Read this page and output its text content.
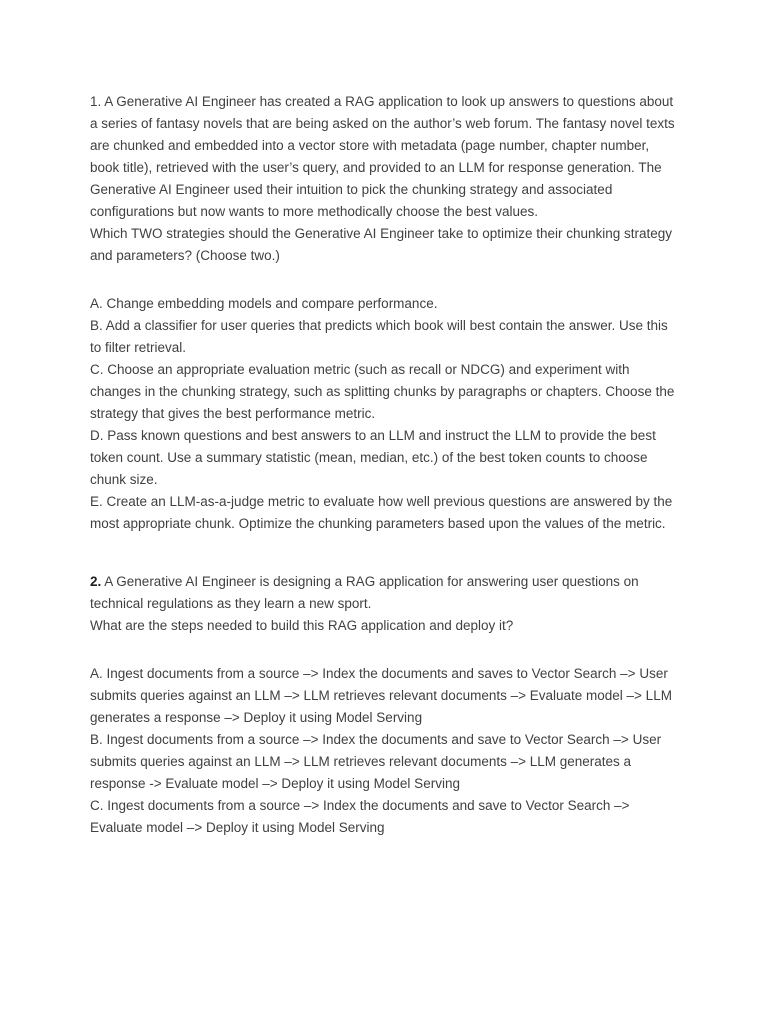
1. A Generative AI Engineer has created a RAG application to look up answers to questions about a series of fantasy novels that are being asked on the author’s web forum. The fantasy novel texts are chunked and embedded into a vector store with metadata (page number, chapter number, book title), retrieved with the user’s query, and provided to an LLM for response generation. The Generative AI Engineer used their intuition to pick the chunking strategy and associated configurations but now wants to more methodically choose the best values.

Which TWO strategies should the Generative AI Engineer take to optimize their chunking strategy and parameters? (Choose two.)

A. Change embedding models and compare performance.

B. Add a classifier for user queries that predicts which book will best contain the answer. Use this to filter retrieval.

C. Choose an appropriate evaluation metric (such as recall or NDCG) and experiment with changes in the chunking strategy, such as splitting chunks by paragraphs or chapters. Choose the strategy that gives the best performance metric.

D. Pass known questions and best answers to an LLM and instruct the LLM to provide the best token count. Use a summary statistic (mean, median, etc.) of the best token counts to choose chunk size.

E. Create an LLM-as-a-judge metric to evaluate how well previous questions are answered by the most appropriate chunk. Optimize the chunking parameters based upon the values of the metric.

2. A Generative AI Engineer is designing a RAG application for answering user questions on technical regulations as they learn a new sport.

What are the steps needed to build this RAG application and deploy it?

A. Ingest documents from a source –> Index the documents and saves to Vector Search –> User submits queries against an LLM –> LLM retrieves relevant documents –> Evaluate model –> LLM generates a response –> Deploy it using Model Serving

B. Ingest documents from a source –> Index the documents and save to Vector Search –> User submits queries against an LLM –> LLM retrieves relevant documents –> LLM generates a response -> Evaluate model –> Deploy it using Model Serving

C. Ingest documents from a source –> Index the documents and save to Vector Search –> Evaluate model –> Deploy it using Model Serving
